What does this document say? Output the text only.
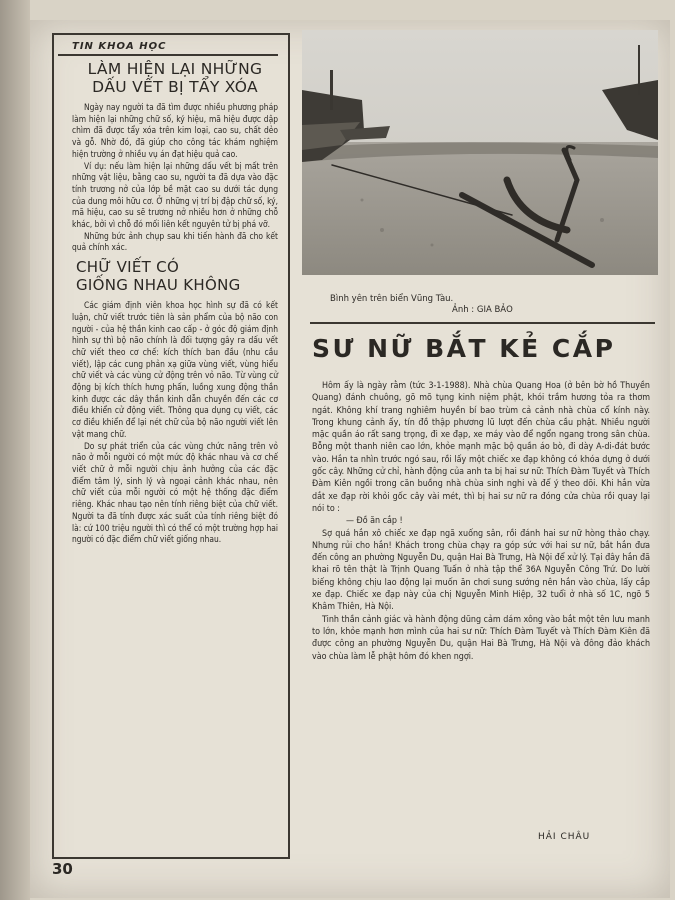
TIN KHOA HỌC
LÀM HIỆN LẠI NHỮNG
DẤU VẾT BỊ TẨY XÓA

Ngày nay người ta đã tìm được nhiều phương pháp làm hiện lại những chữ số, ký hiệu, mã hiệu được dập chìm đã được tẩy xóa trên kim loại, cao su, chất dẻo và gỗ. Nhờ đó, đã giúp cho công tác khám nghiệm hiện trường ở nhiều vụ án đạt hiệu quả cao.

Ví dụ: nếu làm hiện lại những dấu vết bị mất trên những vật liệu, bằng cao su, người ta đã dựa vào đặc tính trương nở của lớp bề mặt cao su dưới tác dụng của dung môi hữu cơ. Ở những vị trí bị đập chữ số, ký, mã hiệu, cao su sẽ trương nở nhiều hơn ở những chỗ khác, bởi vì chỗ đó mối liên kết nguyên tử bị phá vỡ.

Những bức ảnh chụp sau khi tiến hành đã cho kết quả chính xác.

CHỮ VIẾT CÓ
GIỐNG NHAU KHÔNG

Các giám định viên khoa học hình sự đã có kết luận, chữ viết trước tiên là sản phẩm của bộ não con người - của hệ thần kinh cao cấp - ở góc độ giám định hình sự thì bộ não chính là đối tượng gây ra dấu vết chữ viết theo cơ chế: kích thích ban đầu (nhu cầu viết), lập các cung phản xạ giữa vùng viết, vùng hiểu chữ viết và các vùng cử động trên vỏ não. Từ vùng cử động bị kích thích hưng phấn, luồng xung động thần kinh được các dây thần kinh dẫn chuyền đến các cơ điều khiển cử động viết. Thông qua dụng cụ viết, các cơ điều khiển để lại nét chữ của bộ não người viết lên vật mang chữ.

Do sự phát triển của các vùng chức năng trên vỏ não ở mỗi người có một mức độ khác nhau và cơ chế viết chữ ở mỗi người chịu ảnh hưởng của các đặc điểm tâm lý, sinh lý và ngoại cảnh khác nhau, nên chữ viết của mỗi người có một hệ thống đặc điểm riêng. Khác nhau tạo nên tính riêng biệt của chữ viết. Người ta đã tính được xác suất của tính riêng biệt đó là: cứ 100 triệu người thì có thể có một trường hợp hai người có đặc điểm chữ viết giống nhau.

Bình yên trên biển Vũng Tàu.
Ảnh : GIA BẢO
SƯ NỮ BẮT KẺ CẮP

Hôm ấy là ngày rằm (tức 3-1-1988). Nhà chùa Quang Hoa (ở bên bờ hồ Thuyền Quang) đánh chuông, gõ mõ tụng kinh niệm phật, khói trầm hương tỏa ra thơm ngát. Không khí trang nghiêm huyền bí bao trùm cả cảnh nhà chùa cổ kính này. Trong khung cảnh ấy, tín đồ thập phương lũ lượt đến chùa cầu phật. Nhiều người mặc quần áo rất sang trọng, đi xe đạp, xe máy vào để ngổn ngang trong sân chùa. Bỗng một thanh niên cao lớn, khỏe mạnh mặc bộ quần áo bò, đi dày A-di-đát bước vào. Hắn ta nhìn trước ngó sau, rồi lấy một chiếc xe đạp không có khóa dựng ở dưới gốc cây. Những cử chỉ, hành động của anh ta bị hai sư nữ: Thích Đàm Tuyết và Thích Đàm Kiên ngồi trong căn buồng nhà chùa sinh nghi và để ý theo dõi. Khi hắn vừa dắt xe đạp rời khỏi gốc cây vài mét, thì bị hai sư nữ ra đóng cửa chùa rồi quay lại nói to :

— Đồ ăn cắp !

Sợ quá hắn xô chiếc xe đạp ngã xuống sân, rồi đánh hai sư nữ hòng thảo chạy. Nhưng rủi cho hắn! Khách trong chùa chạy ra góp sức với hai sư nữ, bắt hắn đưa đến công an phường Nguyễn Du, quận Hai Bà Trưng, Hà Nội để xử lý. Tại đây hắn đã khai rõ tên thật là Trịnh Quang Tuấn ở nhà tập thể 36A Nguyễn Công Trứ. Do lười biếng không chịu lao động lại muốn ăn chơi sung sướng nên hắn vào chùa, lấy cắp xe đạp. Chiếc xe đạp này của chị Nguyễn Minh Hiệp, 32 tuổi ở nhà số 1C, ngõ 5 Khâm Thiên, Hà Nội.

Tinh thần cảnh giác và hành động dũng cảm dám xông vào bắt một tên lưu manh to lớn, khỏe mạnh hơn mình của hai sư nữ: Thích Đàm Tuyết và Thích Đàm Kiên đã được công an phường Nguyễn Du, quận Hai Bà Trưng, Hà Nội và đông đảo khách vào chùa làm lễ phật hôm đó khen ngợi.

HẢI CHÂU
30
